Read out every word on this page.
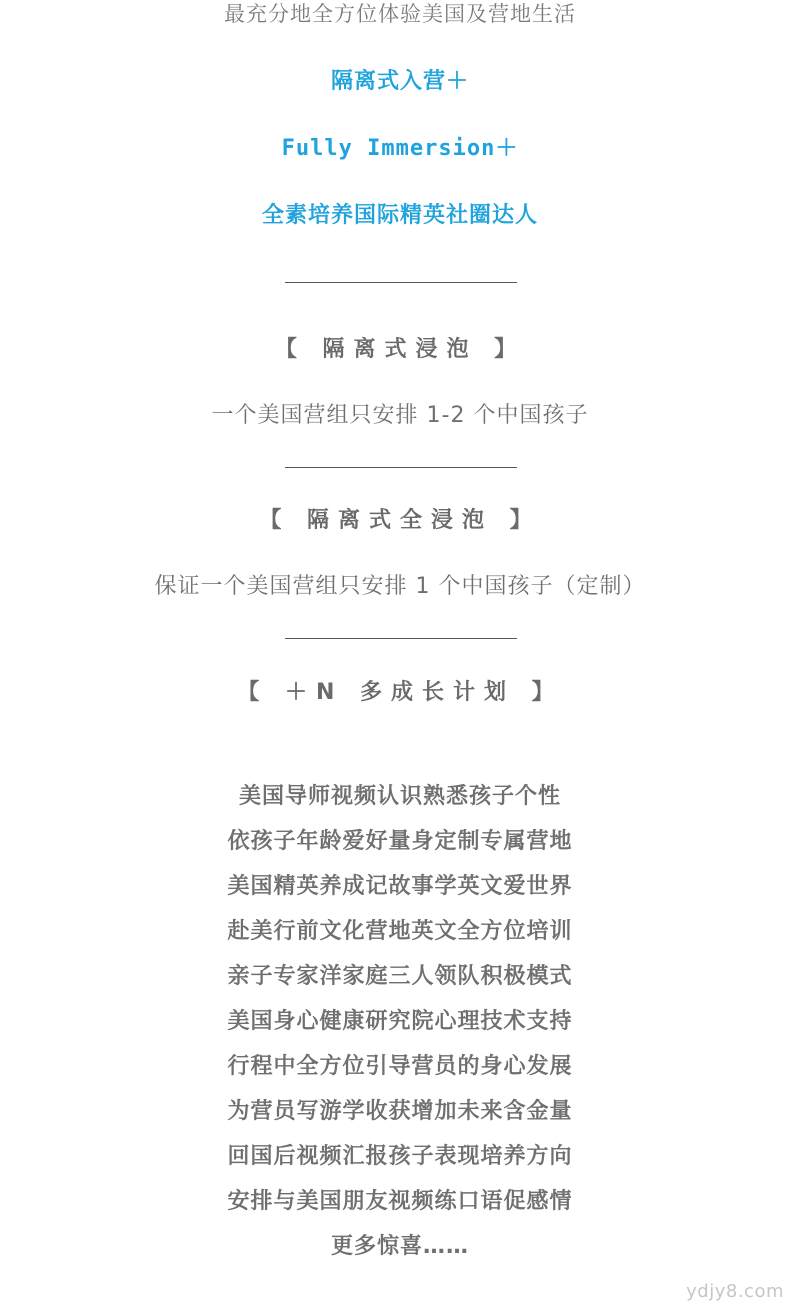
最充分地全方位体验美国及营地生活
隔离式入营＋
Fully Immersion＋
全素培养国际精英社圈达人
【 隔离式浸泡 】
一个美国营组只安排 1-2 个中国孩子
【 隔离式全浸泡 】
保证一个美国营组只安排 1 个中国孩子（定制）
【 ＋N 多成长计划 】
美国导师视频认识熟悉孩子个性
依孩子年龄爱好量身定制专属营地
美国精英养成记故事学英文爱世界
赴美行前文化营地英文全方位培训
亲子专家洋家庭三人领队积极模式
美国身心健康研究院心理技术支持
行程中全方位引导营员的身心发展
为营员写游学收获增加未来含金量
回国后视频汇报孩子表现培养方向
安排与美国朋友视频练口语促感情
更多惊喜……
ydjy8.com
